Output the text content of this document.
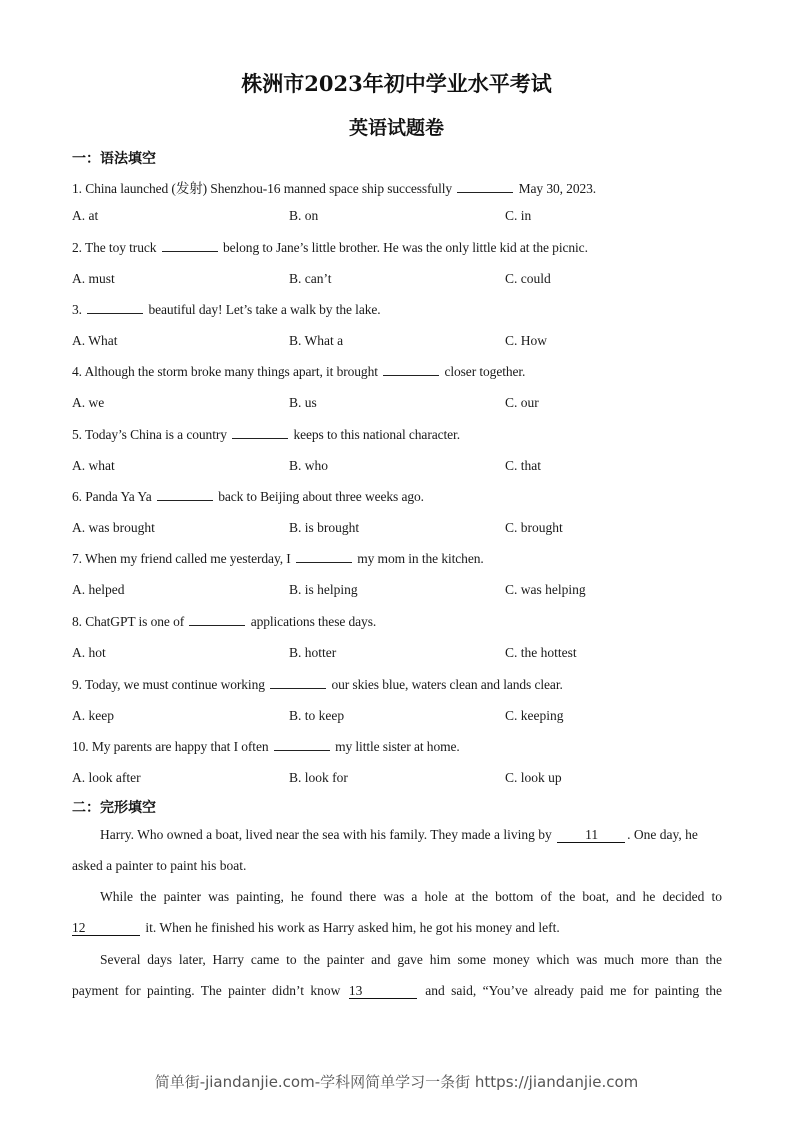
株洲市2023年初中学业水平考试
英语试题卷
一：语法填空
1. China launched (发射) Shenzhou-16 manned space ship successfully	May 30, 2023.
A. at	B. on	C. in
2. The toy truck	belong to Jane’s little brother. He was the only little kid at the picnic.
A. must	B. can’t	C. could
3.	beautiful day! Let’s take a walk by the lake.
A. What	B. What a	C. How
4. Although the storm broke many things apart, it brought	closer together.
A. we	B. us	C. our
5. Today’s China is a country	keeps to this national character.
A. what	B. who	C. that
6. Panda Ya Ya	back to Beijing about three weeks ago.
A. was brought	B. is brought	C. brought
7. When my friend called me yesterday, I	my mom in the kitchen.
A. helped	B. is helping	C. was helping
8. ChatGPT is one of	applications these days.
A. hot	B. hotter	C. the hottest
9. Today, we must continue working	our skies blue, waters clean and lands clear.
A. keep	B. to keep	C. keeping
10. My parents are happy that I often	my little sister at home.
A. look after	B. look for	C. look up
二：完形填空
Harry. Who owned a boat, lived near the sea with his family. They made a living by 11 . One day, he
asked a painter to paint his boat.
While the painter was painting, he found there was a hole at the bottom of the boat, and he decided to
12	it. When he finished his work as Harry asked him, he got his money and left.
Several days later, Harry came to the painter and gave him some money which was much more than the
payment for painting. The painter didn’t know 13	and said, “You’ve already paid me for painting the
简单街-jiandanjie.com-学科网简单学习一条街 https://jiandanjie.com
